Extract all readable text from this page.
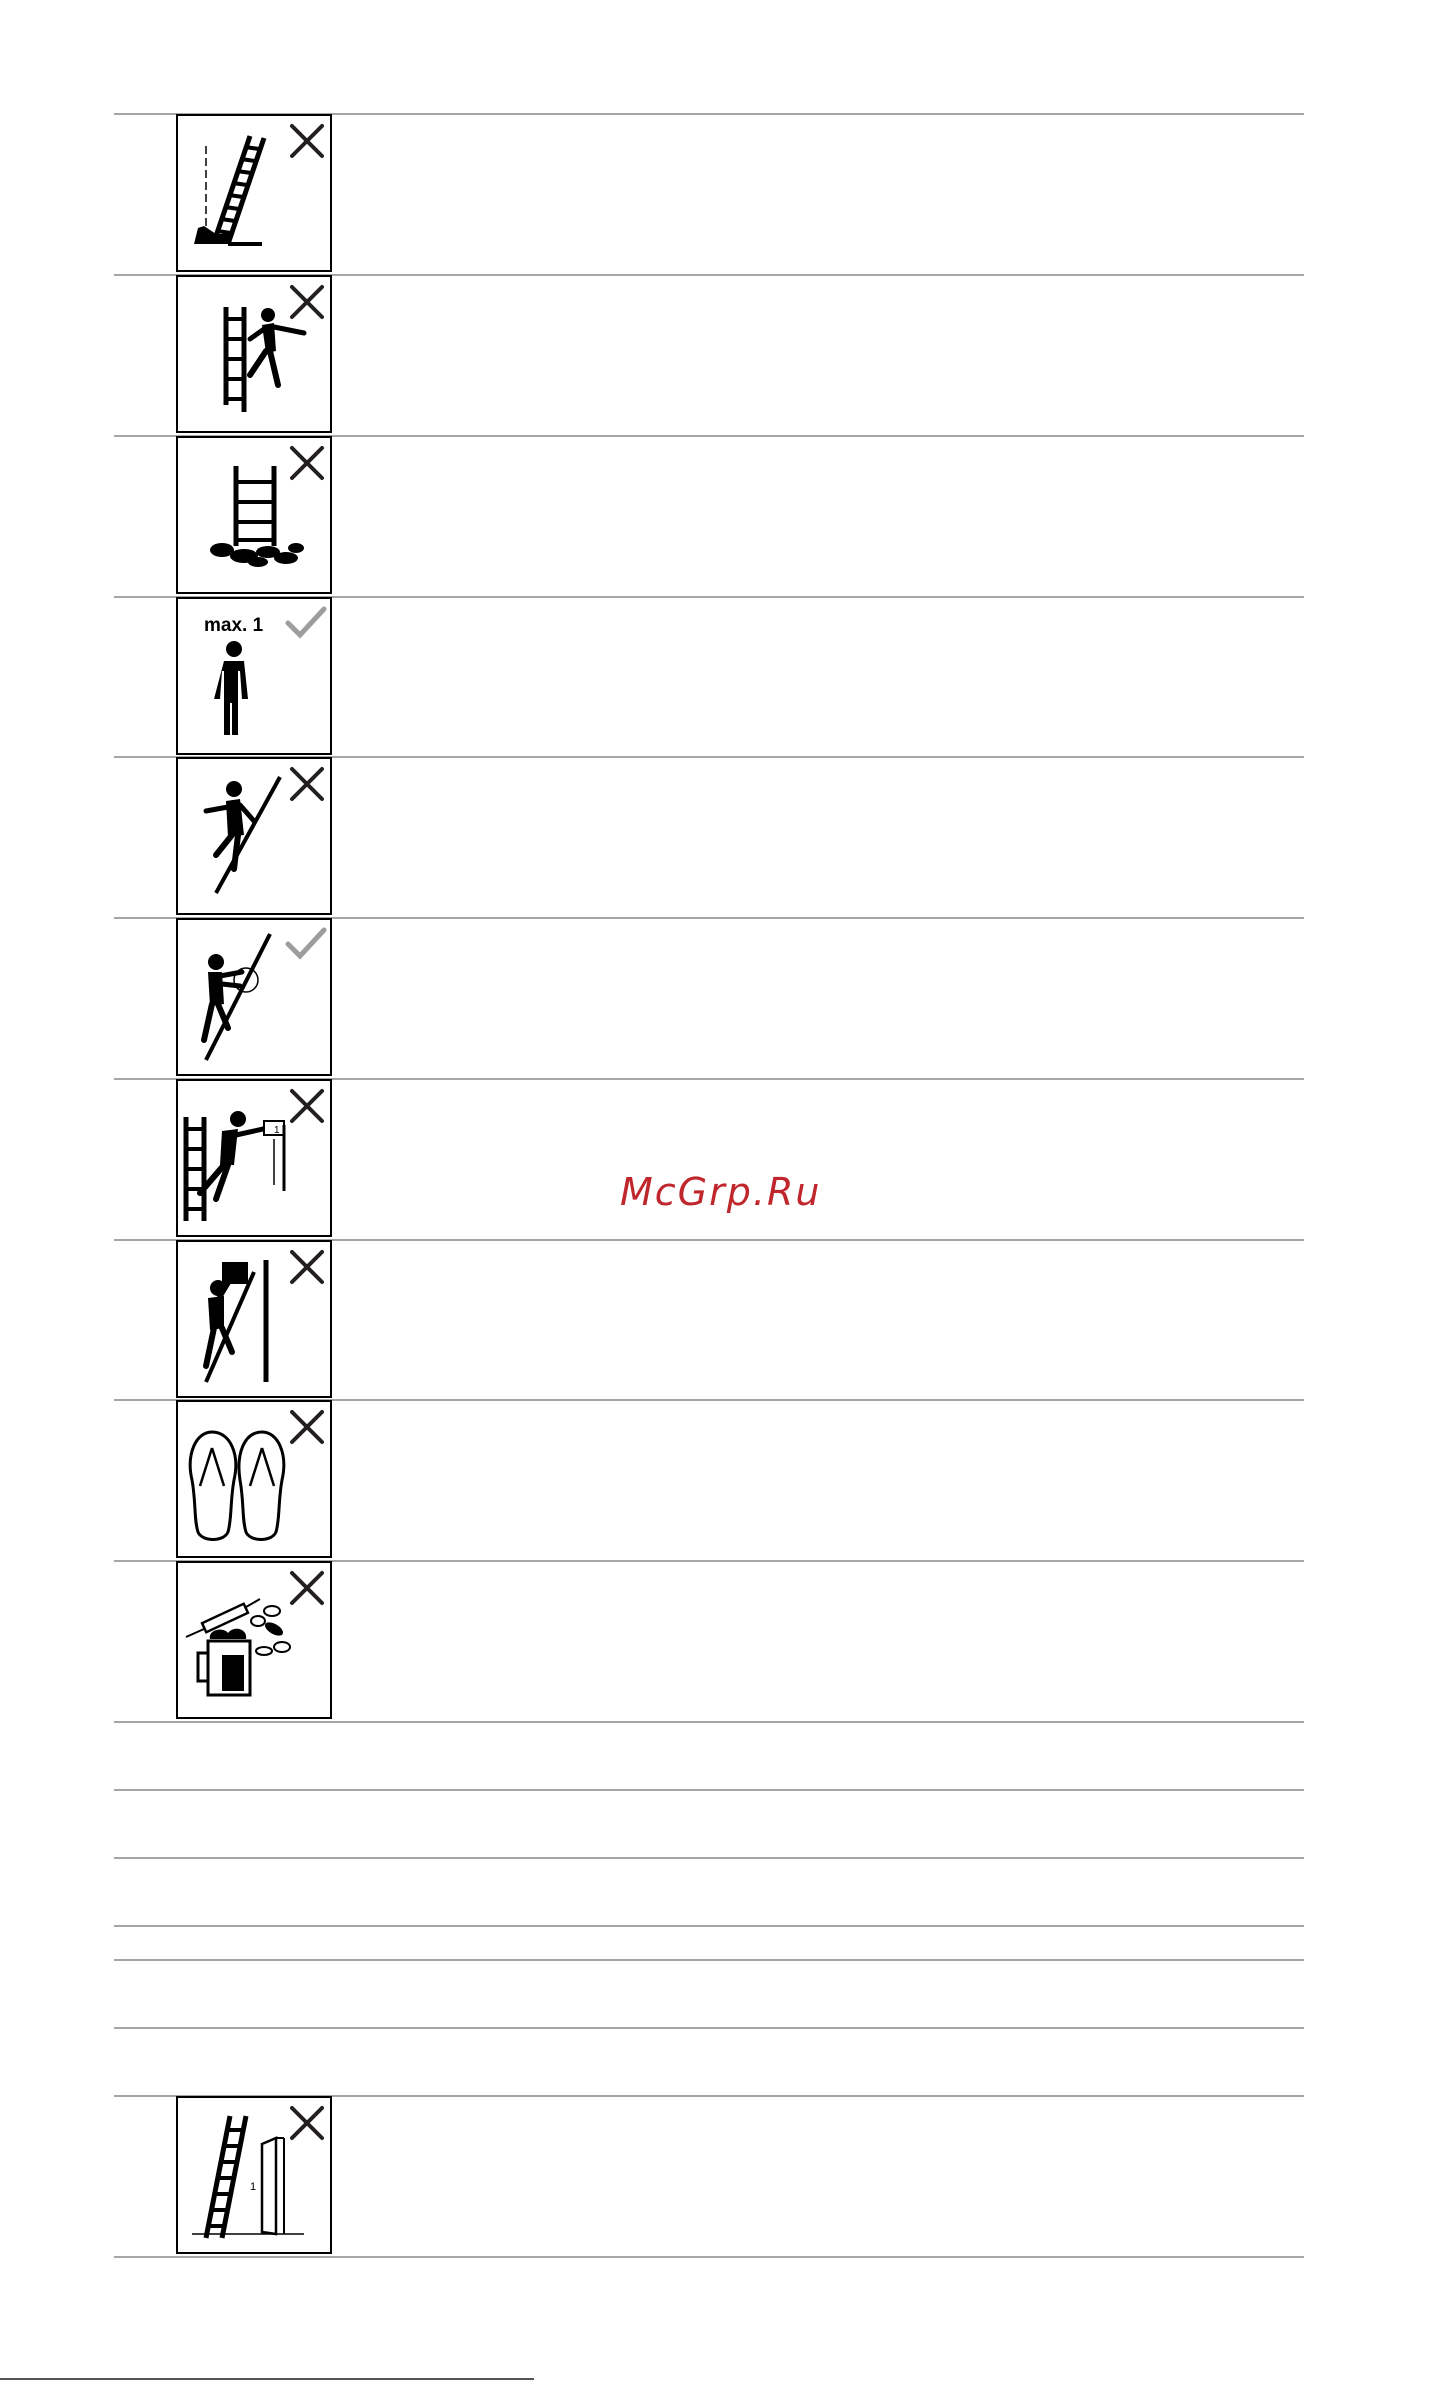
max. 1
1
1
McGrp.Ru
